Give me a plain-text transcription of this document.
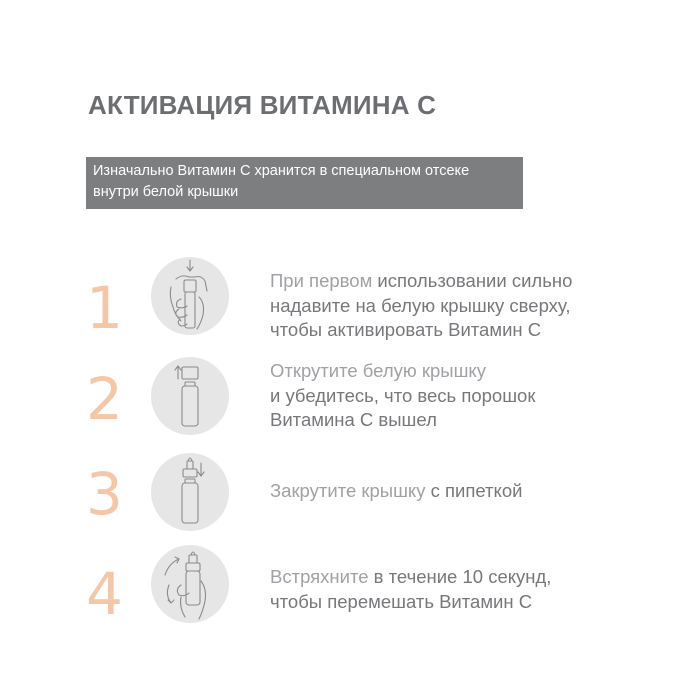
АКТИВАЦИЯ ВИТАМИНА С
Изначально Витамин С хранится в специальном отсеке
внутри белой крышки
1	При первом использовании сильно
надавите на белую крышку сверху,
чтобы активировать Витамин С
2	Открутите белую крышку
и убедитесь, что весь порошок
Витамина С вышел
3	Закрутите крышку с пипеткой
4	Встряхните в течение 10 секунд,
чтобы перемешать Витамин С
